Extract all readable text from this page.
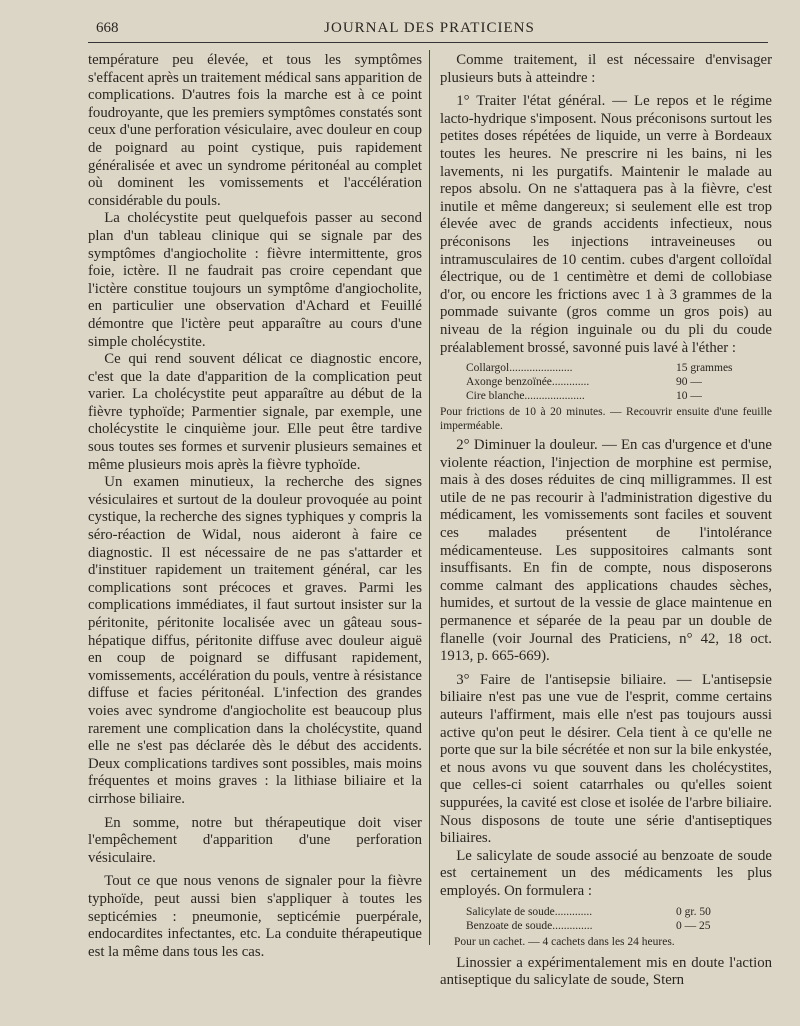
668	JOURNAL DES PRATICIENS

température peu élevée, et tous les symptômes s'effacent après un traitement médical sans apparition de complications. D'autres fois la marche est à ce point foudroyante, que les premiers symptômes constatés sont ceux d'une perforation vésiculaire, avec douleur en coup de poignard au point cystique, puis rapidement généralisée et avec un syndrome péritonéal au complet où dominent les vomissements et l'accélération considérable du pouls.

La cholécystite peut quelquefois passer au second plan d'un tableau clinique qui se signale par des symptômes d'angiocholite : fièvre intermittente, gros foie, ictère. Il ne faudrait pas croire cependant que l'ictère constitue toujours un symptôme d'angiocholite, en particulier une observation d'Achard et Feuillé démontre que l'ictère peut apparaître au cours d'une simple cholécystite.

Ce qui rend souvent délicat ce diagnostic encore, c'est que la date d'apparition de la complication peut varier. La cholécystite peut apparaître au début de la fièvre typhoïde; Parmentier signale, par exemple, une cholécystite le cinquième jour. Elle peut être tardive sous toutes ses formes et survenir plusieurs semaines et même plusieurs mois après la fièvre typhoïde.

Un examen minutieux, la recherche des signes vésiculaires et surtout de la douleur provoquée au point cystique, la recherche des signes typhiques y compris la séro-réaction de Widal, nous aideront à faire ce diagnostic. Il est nécessaire de ne pas s'attarder et d'instituer rapidement un traitement général, car les complications sont précoces et graves. Parmi les complications immédiates, il faut surtout insister sur la péritonite, péritonite localisée avec un gâteau sous-hépatique diffus, péritonite diffuse avec douleur aiguë en coup de poignard se diffusant rapidement, vomissements, accélération du pouls, ventre à résistance diffuse et facies péritonéal. L'infection des grandes voies avec syndrome d'angiocholite est beaucoup plus rarement une complication dans la cholécystite, quand elle ne s'est pas déclarée dès le début des accidents. Deux complications tardives sont possibles, mais moins fréquentes et moins graves : la lithiase biliaire et la cirrhose biliaire.

En somme, notre but thérapeutique doit viser l'empêchement d'apparition d'une perforation vésiculaire.

Tout ce que nous venons de signaler pour la fièvre typhoïde, peut aussi bien s'appliquer à toutes les septicémies : pneumonie, septicémie puerpérale, endocardites infectantes, etc. La conduite thérapeutique est la même dans tous les cas.

Comme traitement, il est nécessaire d'envisager plusieurs buts à atteindre :

1° Traiter l'état général. — Le repos et le régime lacto-hydrique s'imposent. Nous préconisons surtout les petites doses répétées de liquide, un verre à Bordeaux toutes les heures. Ne prescrire ni les bains, ni les lavements, ni les purgatifs. Maintenir le malade au repos absolu. On ne s'attaquera pas à la fièvre, c'est inutile et même dangereux; si seulement elle est trop élevée avec de grands accidents infectieux, nous préconisons les injections intraveineuses ou intramusculaires de 10 centim. cubes d'argent colloïdal électrique, ou de 1 centimètre et demi de collobiase d'or, ou encore les frictions avec 1 à 3 grammes de la pommade suivante (gros comme un gros pois) au niveau de la région inguinale ou du pli du coude préalablement brossé, savonné puis lavé à l'éther :

Collargol......................	15 grammes
Axonge benzoïnée.............	90 —
Cire blanche.....................	10 —
Pour frictions de 10 à 20 minutes. — Recouvrir ensuite d'une feuille imperméable.

2° Diminuer la douleur. — En cas d'urgence et d'une violente réaction, l'injection de morphine est permise, mais à des doses réduites de cinq milligrammes. Il est utile de ne pas recourir à l'administration digestive du médicament, les vomissements sont faciles et souvent ces malades présentent de l'intolérance médicamenteuse. Les suppositoires calmants sont insuffisants. En fin de compte, nous disposerons comme calmant des applications chaudes sèches, humides, et surtout de la vessie de glace maintenue en permanence et séparée de la peau par un double de flanelle (voir Journal des Praticiens, n° 42, 18 oct. 1913, p. 665-669).

3° Faire de l'antisepsie biliaire. — L'antisepsie biliaire n'est pas une vue de l'esprit, comme certains auteurs l'affirment, mais elle n'est pas toujours aussi active qu'on peut le désirer. Cela tient à ce qu'elle ne porte que sur la bile sécrétée et non sur la bile enkystée, et nous avons vu que souvent dans les cholécystites, que celles-ci soient catarrhales ou qu'elles soient suppurées, la cavité est close et isolée de l'arbre biliaire. Nous disposons de toute une série d'antiseptiques biliaires.

Le salicylate de soude associé au benzoate de soude est certainement un des médicaments les plus employés. On formulera :

Salicylate de soude.............	0 gr. 50
Benzoate de soude..............	0 — 25
Pour un cachet. — 4 cachets dans les 24 heures.

Linossier a expérimentalement mis en doute l'action antiseptique du salicylate de soude, Stern
